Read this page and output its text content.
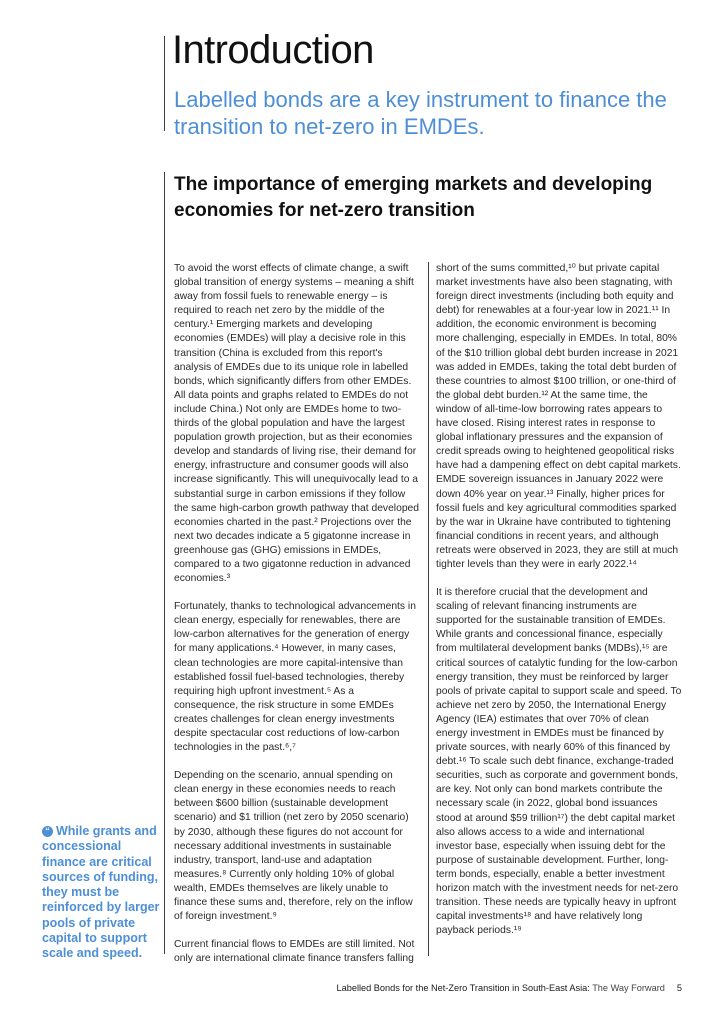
Introduction

Labelled bonds are a key instrument to finance the transition to net-zero in EMDEs.

The importance of emerging markets and developing economies for net-zero transition

To avoid the worst effects of climate change, a swift global transition of energy systems – meaning a shift away from fossil fuels to renewable energy – is required to reach net zero by the middle of the century.¹ Emerging markets and developing economies (EMDEs) will play a decisive role in this transition (China is excluded from this report's analysis of EMDEs due to its unique role in labelled bonds, which significantly differs from other EMDEs. All data points and graphs related to EMDEs do not include China.) Not only are EMDEs home to two-thirds of the global population and have the largest population growth projection, but as their economies develop and standards of living rise, their demand for energy, infrastructure and consumer goods will also increase significantly. This will unequivocally lead to a substantial surge in carbon emissions if they follow the same high-carbon growth pathway that developed economies charted in the past.² Projections over the next two decades indicate a 5 gigatonne increase in greenhouse gas (GHG) emissions in EMDEs, compared to a two gigatonne reduction in advanced economies.³

Fortunately, thanks to technological advancements in clean energy, especially for renewables, there are low-carbon alternatives for the generation of energy for many applications.⁴ However, in many cases, clean technologies are more capital-intensive than established fossil fuel-based technologies, thereby requiring high upfront investment.⁵ As a consequence, the risk structure in some EMDEs creates challenges for clean energy investments despite spectacular cost reductions of low-carbon technologies in the past.⁶,⁷

Depending on the scenario, annual spending on clean energy in these economies needs to reach between $600 billion (sustainable development scenario) and $1 trillion (net zero by 2050 scenario) by 2030, although these figures do not account for necessary additional investments in sustainable industry, transport, land-use and adaptation measures.⁸ Currently only holding 10% of global wealth, EMDEs themselves are likely unable to finance these sums and, therefore, rely on the inflow of foreign investment.⁹

Current financial flows to EMDEs are still limited. Not only are international climate finance transfers falling

short of the sums committed,¹⁰ but private capital market investments have also been stagnating, with foreign direct investments (including both equity and debt) for renewables at a four-year low in 2021.¹¹ In addition, the economic environment is becoming more challenging, especially in EMDEs. In total, 80% of the $10 trillion global debt burden increase in 2021 was added in EMDEs, taking the total debt burden of these countries to almost $100 trillion, or one-third of the global debt burden.¹² At the same time, the window of all-time-low borrowing rates appears to have closed. Rising interest rates in response to global inflationary pressures and the expansion of credit spreads owing to heightened geopolitical risks have had a dampening effect on debt capital markets. EMDE sovereign issuances in January 2022 were down 40% year on year.¹³ Finally, higher prices for fossil fuels and key agricultural commodities sparked by the war in Ukraine have contributed to tightening financial conditions in recent years, and although retreats were observed in 2023, they are still at much tighter levels than they were in early 2022.¹⁴

It is therefore crucial that the development and scaling of relevant financing instruments are supported for the sustainable transition of EMDEs. While grants and concessional finance, especially from multilateral development banks (MDBs),¹⁵ are critical sources of catalytic funding for the low-carbon energy transition, they must be reinforced by larger pools of private capital to support scale and speed. To achieve net zero by 2050, the International Energy Agency (IEA) estimates that over 70% of clean energy investment in EMDEs must be financed by private sources, with nearly 60% of this financed by debt.¹⁶ To scale such debt finance, exchange-traded securities, such as corporate and government bonds, are key. Not only can bond markets contribute the necessary scale (in 2022, global bond issuances stood at around $59 trillion¹⁷) the debt capital market also allows access to a wide and international investor base, especially when issuing debt for the purpose of sustainable development. Further, long-term bonds, especially, enable a better investment horizon match with the investment needs for net-zero transition. These needs are typically heavy in upfront capital investments¹⁸ and have relatively long payback periods.¹⁹

“ While grants and concessional finance are critical sources of funding, they must be reinforced by larger pools of private capital to support scale and speed.

Labelled Bonds for the Net-Zero Transition in South-East Asia: The Way Forward 5
